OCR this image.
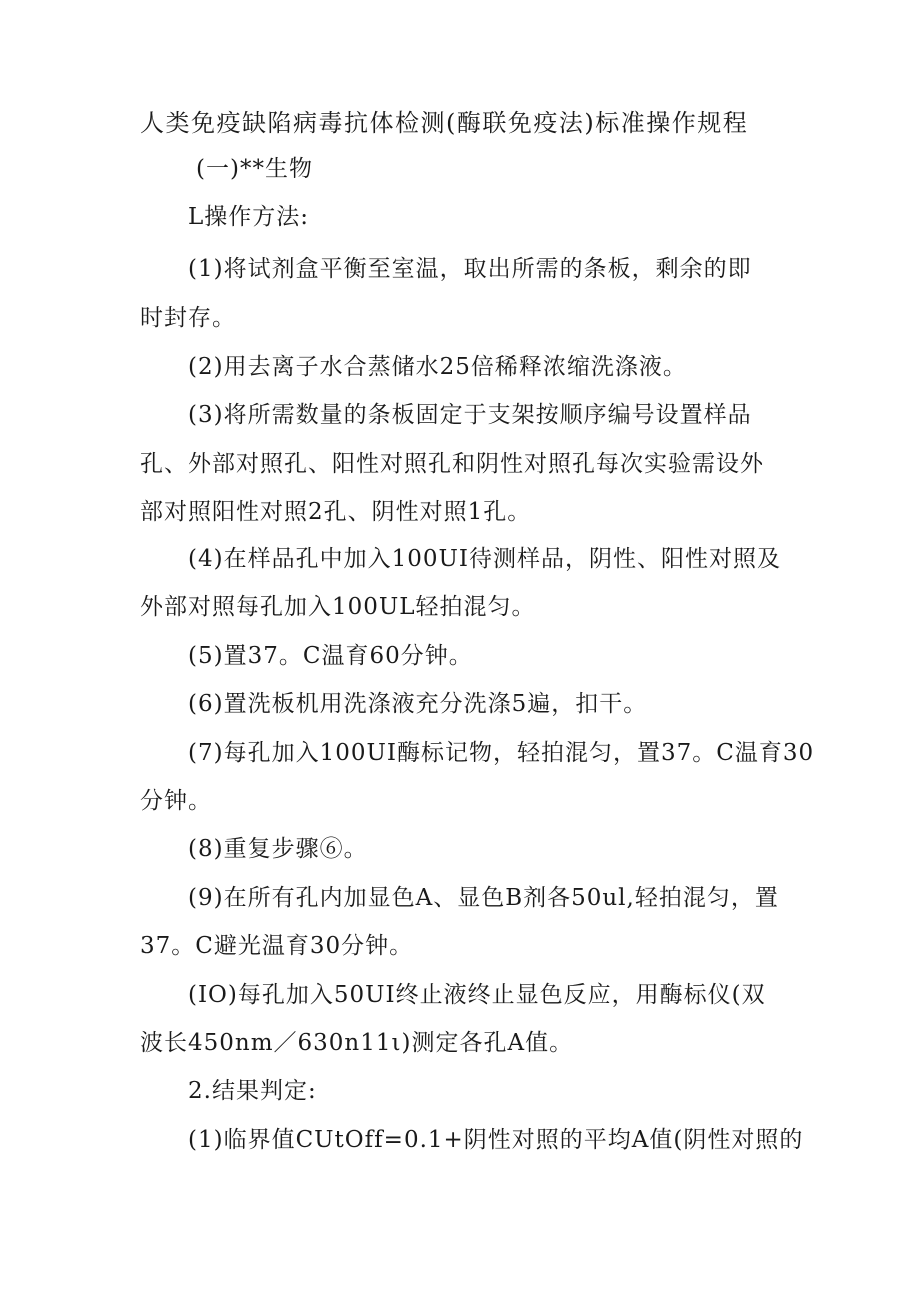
人类免疫缺陷病毒抗体检测(酶联免疫法)标准操作规程
(一)**生物
L操作方法:
(1)将试剂盒平衡至室温，取出所需的条板，剩余的即
时封存。
(2)用去离子水合蒸储水25倍稀释浓缩洗涤液。
(3)将所需数量的条板固定于支架按顺序编号设置样品
孔、外部对照孔、阳性对照孔和阴性对照孔每次实验需设外
部对照阳性对照2孔、阴性对照1孔。
(4)在样品孔中加入100UI待测样品，阴性、阳性对照及
外部对照每孔加入100UL轻拍混匀。
(5)置37。C温育60分钟。
(6)置洗板机用洗涤液充分洗涤5遍，扣干。
(7)每孔加入100UI酶标记物，轻拍混匀，置37。C温育30
分钟。
(8)重复步骤⑥。
(9)在所有孔内加显色A、显色B剂各50ul,轻拍混匀，置
37。C避光温育30分钟。
(IO)每孔加入50UI终止液终止显色反应，用酶标仪(双
波长450nm／630n11ι)测定各孔A值。
2.结果判定:
(1)临界值CUtOff=0.1+阴性对照的平均A值(阴性对照的
